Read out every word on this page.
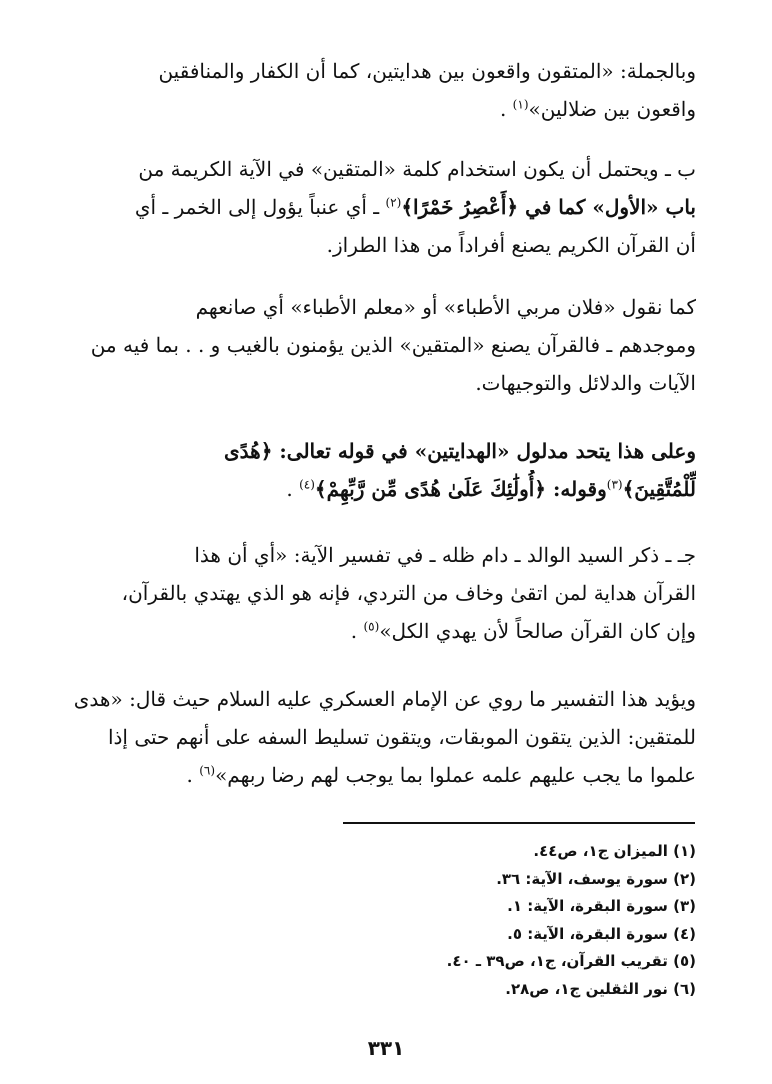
وبالجملة: «المتقون واقعون بين هدايتين، كما أن الكفار والمنافقين
واقعون بين ضلالين»$^{(١)}$ .
ب ـ ويحتمل أن يكون استخدام كلمة «المتقين» في الآية الكريمة من
باب «الأول» كما في ﴿أَعْصِرُ خَمْرًا﴾$^{(٢)}$ ـ أي عنباً يؤول إلى الخمر ـ أي
أن القرآن الكريم يصنع أفراداً من هذا الطراز.
كما نقول «فلان مربي الأطباء» أو «معلم الأطباء» أي صانعهم
وموجدهم ـ فالقرآن يصنع «المتقين» الذين يؤمنون بالغيب و . . بما فيه من
الآيات والدلائل والتوجيهات.
وعلى هذا يتحد مدلول «الهدايتين» في قوله تعالى: ﴿هُدًى
لِّلْمُتَّقِينَ﴾$^{(٣)}$وقوله: ﴿أُولَٰئِكَ عَلَىٰ هُدًى مِّن رَّبِّهِمْ﴾$^{(٤)}$ .
جـ ـ ذكر السيد الوالد ـ دام ظله ـ في تفسير الآية: «أي أن هذا
القرآن هداية لمن اتقىٰ وخاف من التردي، فإنه هو الذي يهتدي بالقرآن،
وإن كان القرآن صالحاً لأن يهدي الكل»$^{(٥)}$ .
ويؤيد هذا التفسير ما روي عن الإمام العسكري عليه السلام حيث قال: «هدى
للمتقين: الذين يتقون الموبقات، ويتقون تسليط السفه على أنهم حتى إذا
علموا ما يجب عليهم علمه عملوا بما يوجب لهم رضا ربهم»$^{(٦)}$ .
(١) الميزان ج١، ص٤٤.
(٢) سورة يوسف، الآية: ٣٦.
(٣) سورة البقرة، الآية: ١.
(٤) سورة البقرة، الآية: ٥.
(٥) تقريب القرآن، ج١، ص٣٩ ـ ٤٠.
(٦) نور الثقلين ج١، ص٢٨.
٣٣١
